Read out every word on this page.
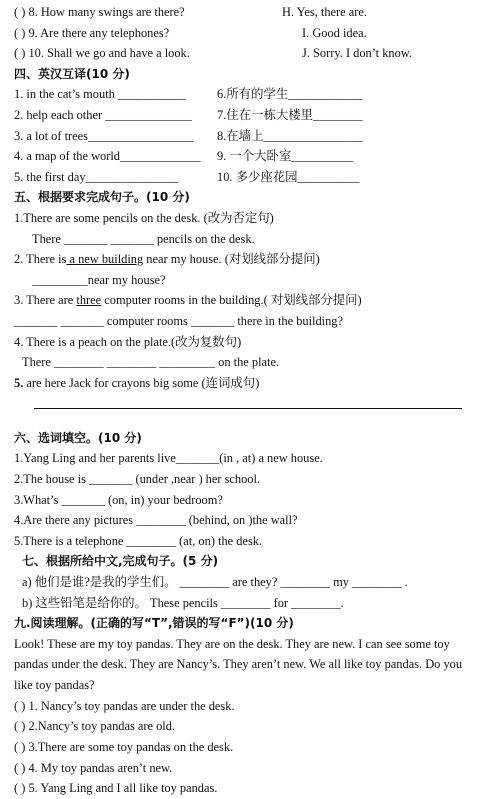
( ) 8. How many swings are there?	H. Yes, there are.
( ) 9. Are there any telephones?	I. Good idea.
( ) 10. Shall we go and have a look.	J. Sorry. I don’t know.
四、英汉互译(10 分)
1. in the cat’s mouth ___________ 6.所有的学生____________
2. help each other ______________ 7.住在一栋大楼里________
3. a lot of trees_________________ 8.在墙上________________
4. a map of the world_____________ 9. 一个大卧室__________
5. the first day_______________	10. 多少座花园__________
五、根据要求完成句子。(10 分)
1.There are some pencils on the desk. (改为否定句)
There _______ _______ pencils on the desk.
2. There is a new building near my house. (对划线部分提问)
_________near my house?
3. There are three computer rooms in the building.( 对划线部分提问)
_______ _______ computer rooms _______ there in the building?
4. There is a peach on the plate.(改为复数句)
There ________ ________ _________ on the plate.
5. are here Jack for crayons big some (连词成句)
六、选词填空。(10 分)
1.Yang Ling and her parents live_______(in , at) a new house.
2.The house is _______ (under ,near ) her school.
3.What’s _______ (on, in) your bedroom?
4.Are there any pictures ________ (behind, on )the wall?
5.There is a telephone ________ (at, on) the desk.
七、根据所给中文,完成句子。(5 分)
a) 他们是谁?是我的学生们。 ________ are they? ________ my ________ .
b) 这些铅笔是给你的。 These pencils ________ for ________.
九.阅读理解。(正确的写“T”,错误的写“F”)(10 分)
Look! These are my toy pandas. They are on the desk. They are new. I can see some toy pandas under the desk. They are Nancy’s. They aren’t new. We all like toy pandas. Do you like toy pandas?
( ) 1. Nancy’s toy pandas are under the desk.
( ) 2.Nancy’s toy pandas are old.
( ) 3.There are some toy pandas on the desk.
( ) 4. My toy pandas aren’t new.
( ) 5. Yang Ling and I all like toy pandas.
